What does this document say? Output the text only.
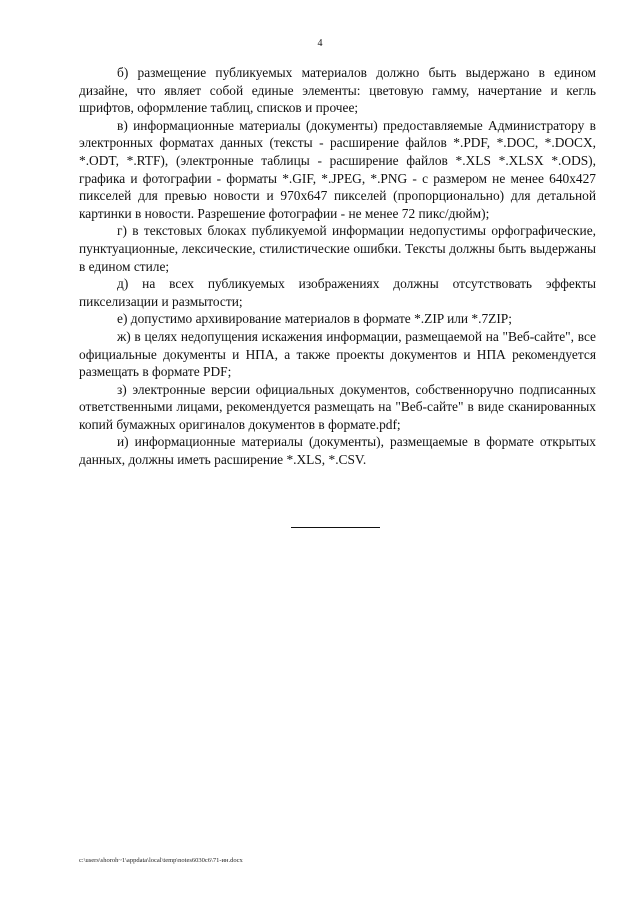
4

б) размещение публикуемых материалов должно быть выдержано в едином дизайне, что являет собой единые элементы: цветовую гамму, начертание и кегль шрифтов, оформление таблиц, списков и прочее;

в) информационные материалы (документы) предоставляемые Администратору в электронных форматах данных (тексты - расширение файлов *.PDF, *.DOC, *.DOCX, *.ODT, *.RTF), (электронные таблицы - расширение файлов *.XLS *.XLSX *.ODS), графика и фотографии - форматы *.GIF, *.JPEG, *.PNG - с размером не менее 640х427 пикселей для превью новости и 970х647 пикселей (пропорционально) для детальной картинки в новости. Разрешение фотографии - не менее 72 пикс/дюйм);

г) в текстовых блоках публикуемой информации недопустимы орфографические, пунктуационные, лексические, стилистические ошибки. Тексты должны быть выдержаны в едином стиле;

д) на всех публикуемых изображениях должны отсутствовать эффекты пикселизации и размытости;

е) допустимо архивирование материалов в формате *.ZIP или *.7ZIP;

ж) в целях недопущения искажения информации, размещаемой на "Веб-сайте", все официальные документы и НПА, а также проекты документов и НПА рекомендуется размещать в формате PDF;

з) электронные версии официальных документов, собственноручно подписанных ответственными лицами, рекомендуется размещать на "Веб-сайте" в виде сканированных копий бумажных оригиналов документов в формате.pdf;

и) информационные материалы (документы), размещаемые в формате открытых данных, должны иметь расширение *.XLS, *.CSV.

c:\users\shoroh~1\appdata\local\temp\notes6030c6\71-ин.docx
